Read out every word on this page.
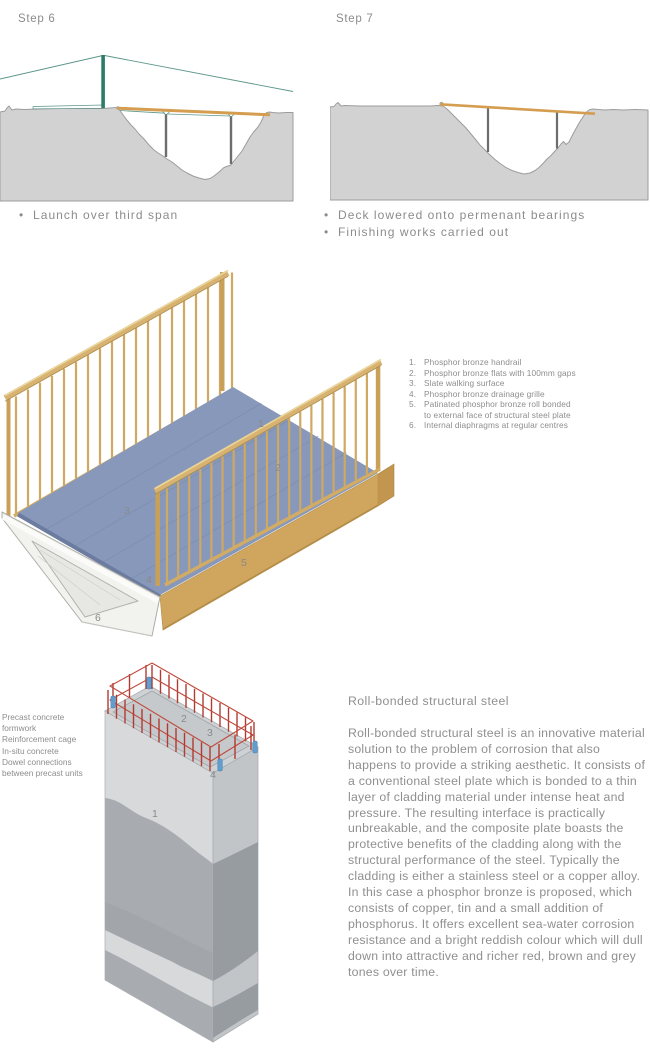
Step 6
• Launch over third span
Step 7
• Deck lowered onto permenant bearings
• Finishing works carried out
1
2
3
4
5
6
1. Phosphor bronze handrail
2. Phosphor bronze flats with 100mm gaps
3. Slate walking surface
4. Phosphor bronze drainage grille
5. Patinated phosphor bronze roll bonded
to external face of structural steel plate
6. Internal diaphragms at regular centres
Precast concrete formwork
Reinforcement cage
In-situ concrete
Dowel connections between precast units
2
3
4
1
Roll-bonded structural steel
Roll-bonded structural steel is an innovative material solution to the problem of corrosion that also happens to provide a striking aesthetic. It consists of a conventional steel plate which is bonded to a thin layer of cladding material under intense heat and pressure. The resulting interface is practically unbreakable, and the composite plate boasts the protective benefits of the cladding along with the structural performance of the steel. Typically the cladding is either a stainless steel or a copper alloy. In this case a phosphor bronze is proposed, which consists of copper, tin and a small addition of phosphorus. It offers excellent sea-water corrosion resistance and a bright reddish colour which will dull down into attractive and richer red, brown and grey tones over time.
